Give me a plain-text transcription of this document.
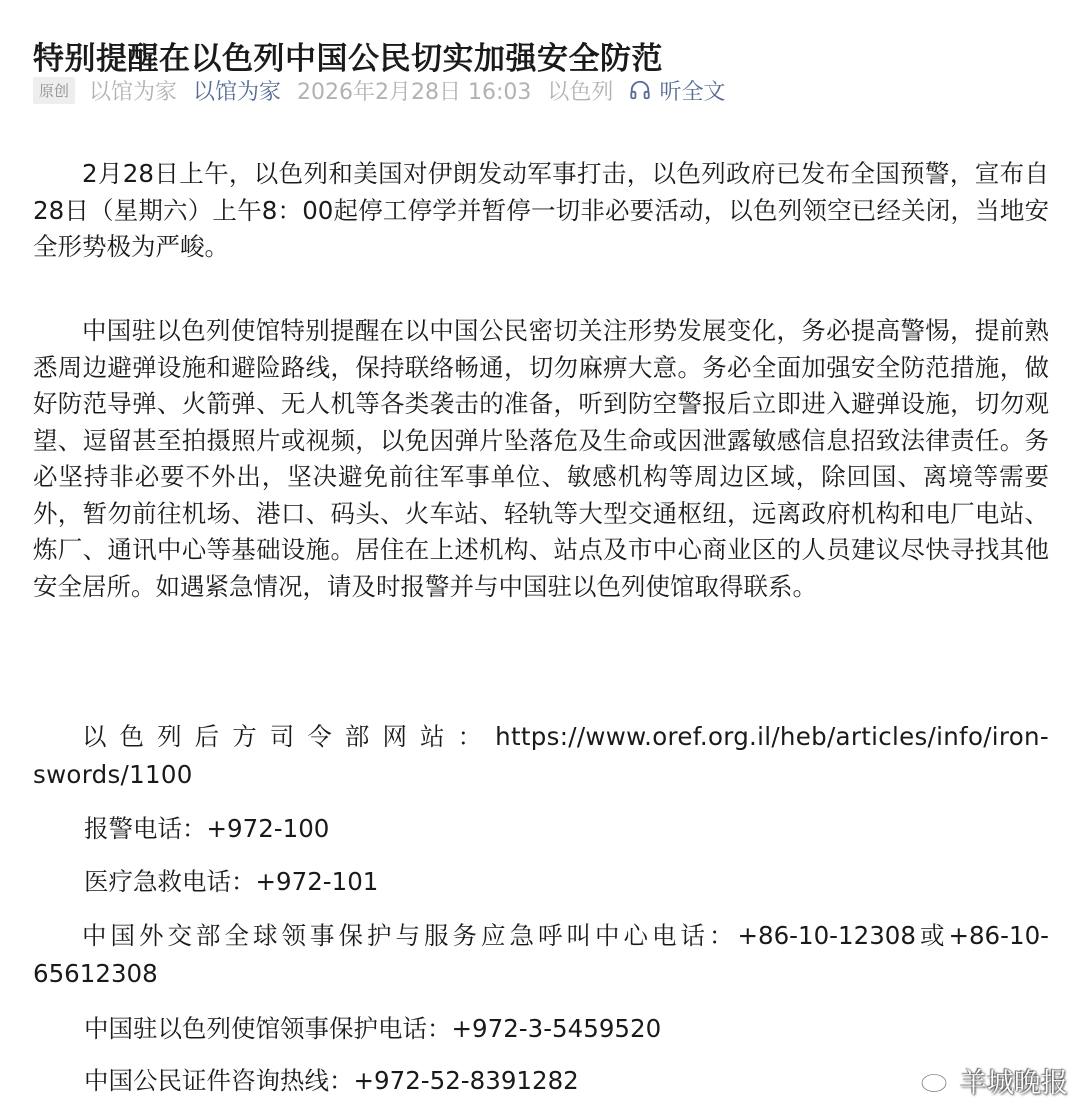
特别提醒在以色列中国公民切实加强安全防范
原创 以馆为家 以馆为家 2026年2月28日 16:03 以色列 听全文

2月28日上午，以色列和美国对伊朗发动军事打击，以色列政府已发布全国预警，宣布自28日（星期六）上午8：00起停工停学并暂停一切非必要活动，以色列领空已经关闭，当地安全形势极为严峻。

中国驻以色列使馆特别提醒在以中国公民密切关注形势发展变化，务必提高警惕，提前熟悉周边避弹设施和避险路线，保持联络畅通，切勿麻痹大意。务必全面加强安全防范措施，做好防范导弹、火箭弹、无人机等各类袭击的准备，听到防空警报后立即进入避弹设施，切勿观望、逗留甚至拍摄照片或视频，以免因弹片坠落危及生命或因泄露敏感信息招致法律责任。务必坚持非必要不外出，坚决避免前往军事单位、敏感机构等周边区域，除回国、离境等需要外，暂勿前往机场、港口、码头、火车站、轻轨等大型交通枢纽，远离政府机构和电厂电站、炼厂、通讯中心等基础设施。居住在上述机构、站点及市中心商业区的人员建议尽快寻找其他安全居所。如遇紧急情况，请及时报警并与中国驻以色列使馆取得联系。

以色列后方司令部网站：https://www.oref.org.il/heb/articles/info/iron-swords/1100

报警电话：+972-100

医疗急救电话：+972-101

中国外交部全球领事保护与服务应急呼叫中心电话：+86-10-12308或+86-10-65612308

中国驻以色列使馆领事保护电话：+972-3-5459520

中国公民证件咨询热线：+972-52-8391282	羊城晚报
